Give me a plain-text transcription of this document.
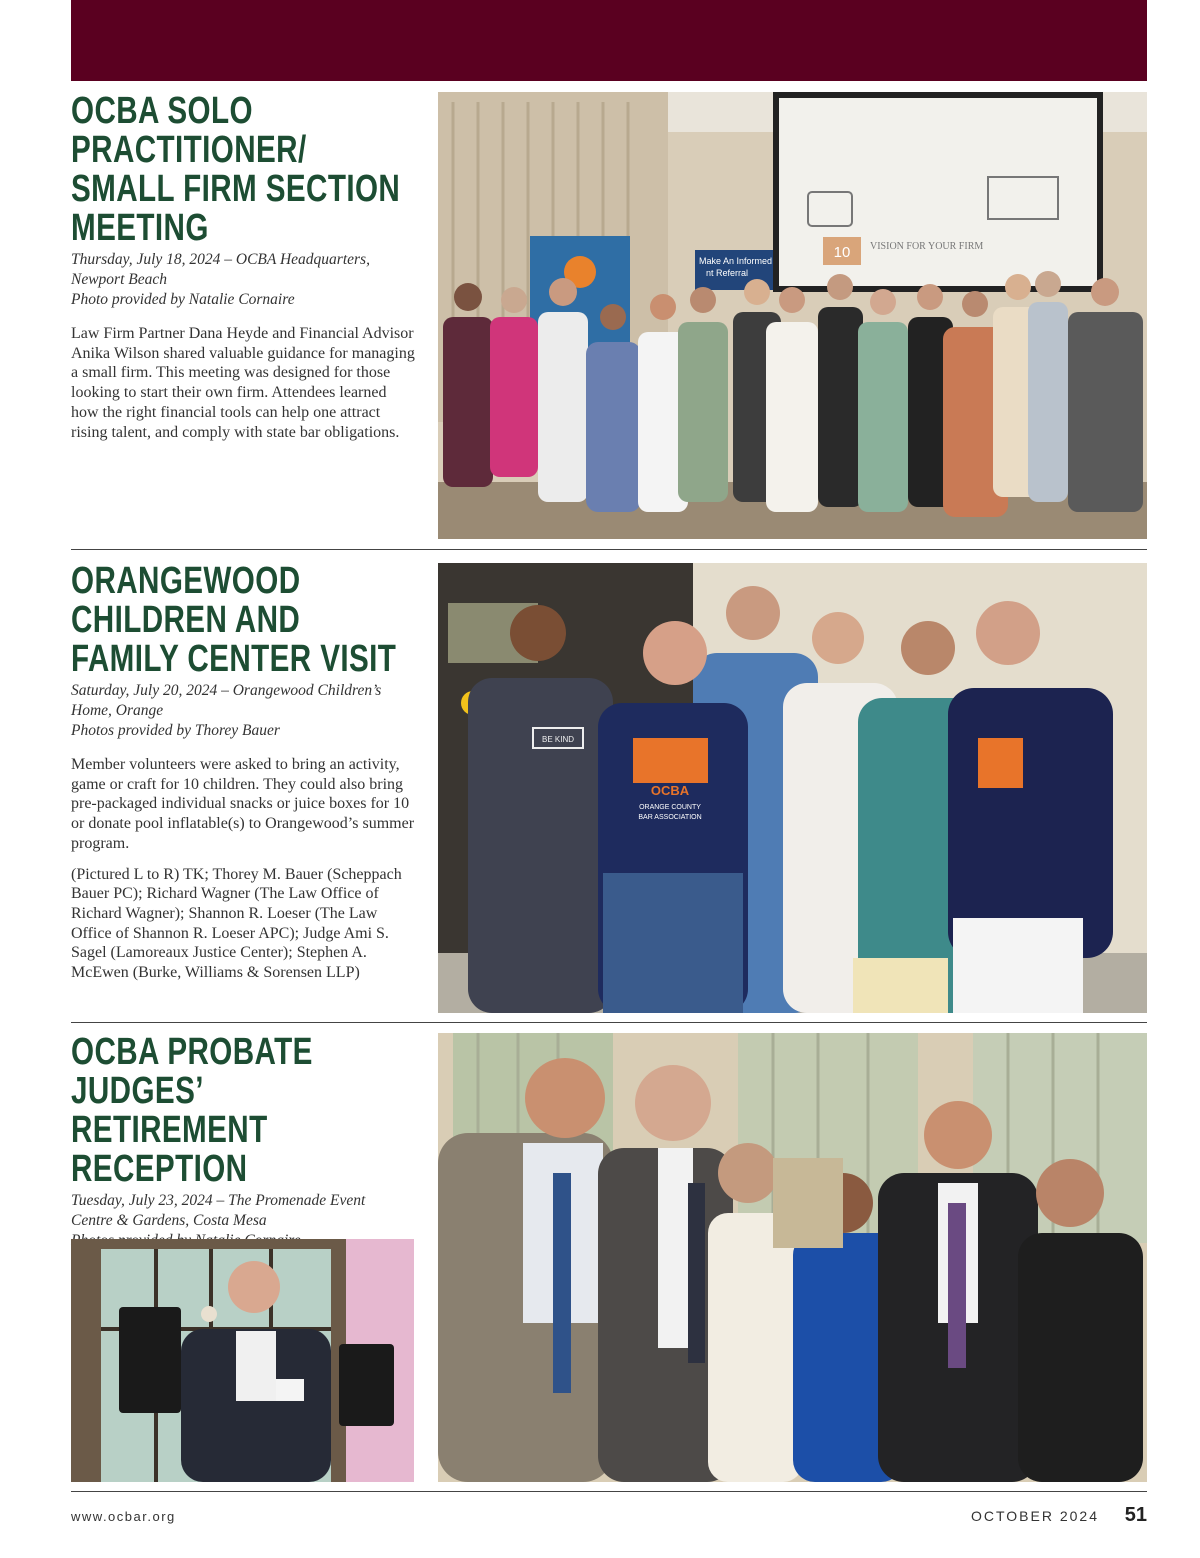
OCBA SOLO PRACTITIONER/
SMALL FIRM SECTION
MEETING
Thursday, July 18, 2024 – OCBA Headquarters,
Newport Beach
Photo provided by Natalie Cornaire

Law Firm Partner Dana Heyde and Financial Advisor Anika Wilson shared valuable guidance for managing a small firm. This meeting was designed for those looking to start their own firm. Attendees learned how the right financial tools can help one attract rising talent, and comply with state bar obligations.

10 VISION FOR YOUR FIRM
Make An Informed
nt Referral
ORANGEWOOD CHILDREN AND
FAMILY CENTER VISIT
Saturday, July 20, 2024 – Orangewood Children’s
Home, Orange
Photos provided by Thorey Bauer

Member volunteers were asked to bring an activity, game or craft for 10 children. They could also bring pre-packaged individual snacks or juice boxes for 10 or donate pool inflatable(s) to Orangewood’s summer program.

(Pictured L to R) TK; Thorey M. Bauer (Scheppach Bauer PC); Richard Wagner (The Law Office of Richard Wagner); Shannon R. Loeser (The Law Office of Shannon R. Loeser APC); Judge Ami S. Sagel (Lamoreaux Justice Center); Stephen A. McEwen (Burke, Williams & Sorensen LLP)

BE KIND
OCBA
ORANGE COUNTY
BAR ASSOCIATION
OCBA PROBATE JUDGES’
RETIREMENT RECEPTION
Tuesday, July 23, 2024 – The Promenade Event
Centre & Gardens, Costa Mesa

www.ocbar.org	OCTOBER 2024 51
